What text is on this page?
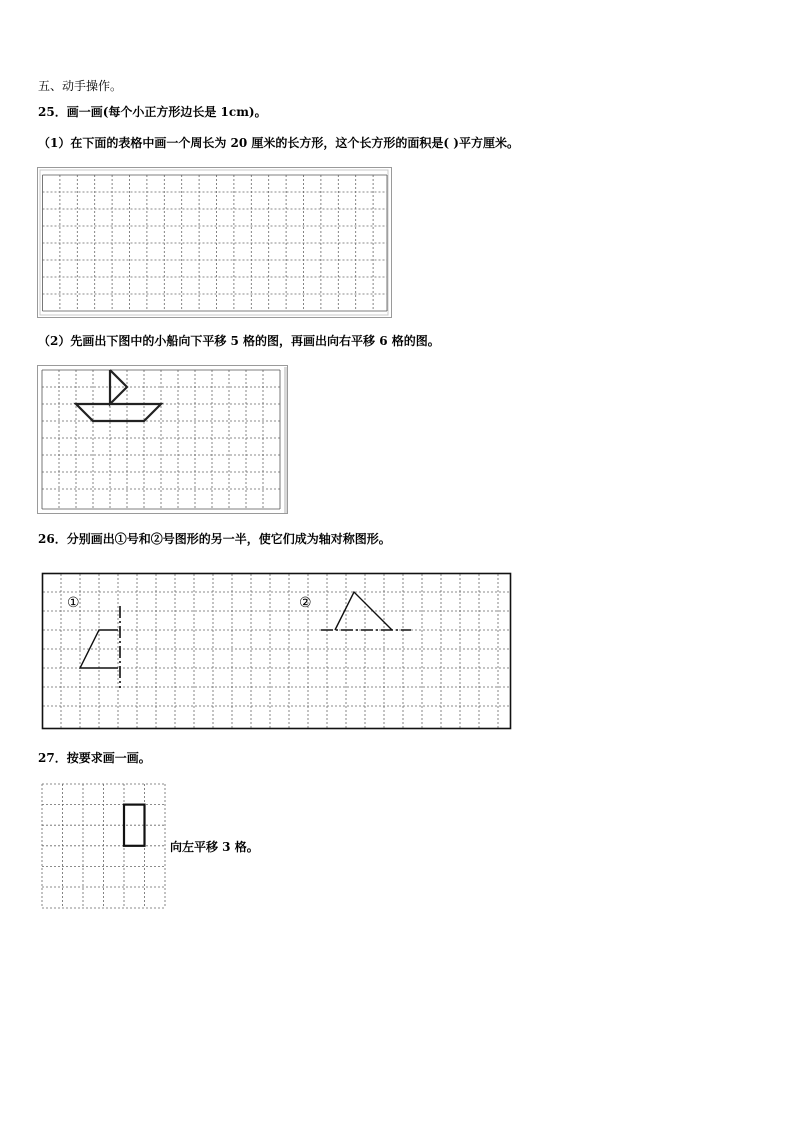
五、动手操作。
25．画一画(每个小正方形边长是 1cm)。
（1）在下面的表格中画一个周长为 20 厘米的长方形，这个长方形的面积是( )平方厘米。
（2）先画出下图中的小船向下平移 5 格的图，再画出向右平移 6 格的图。
26．分别画出①号和②号图形的另一半，使它们成为轴对称图形。
①	②
27．按要求画一画。
向左平移 3 格。
